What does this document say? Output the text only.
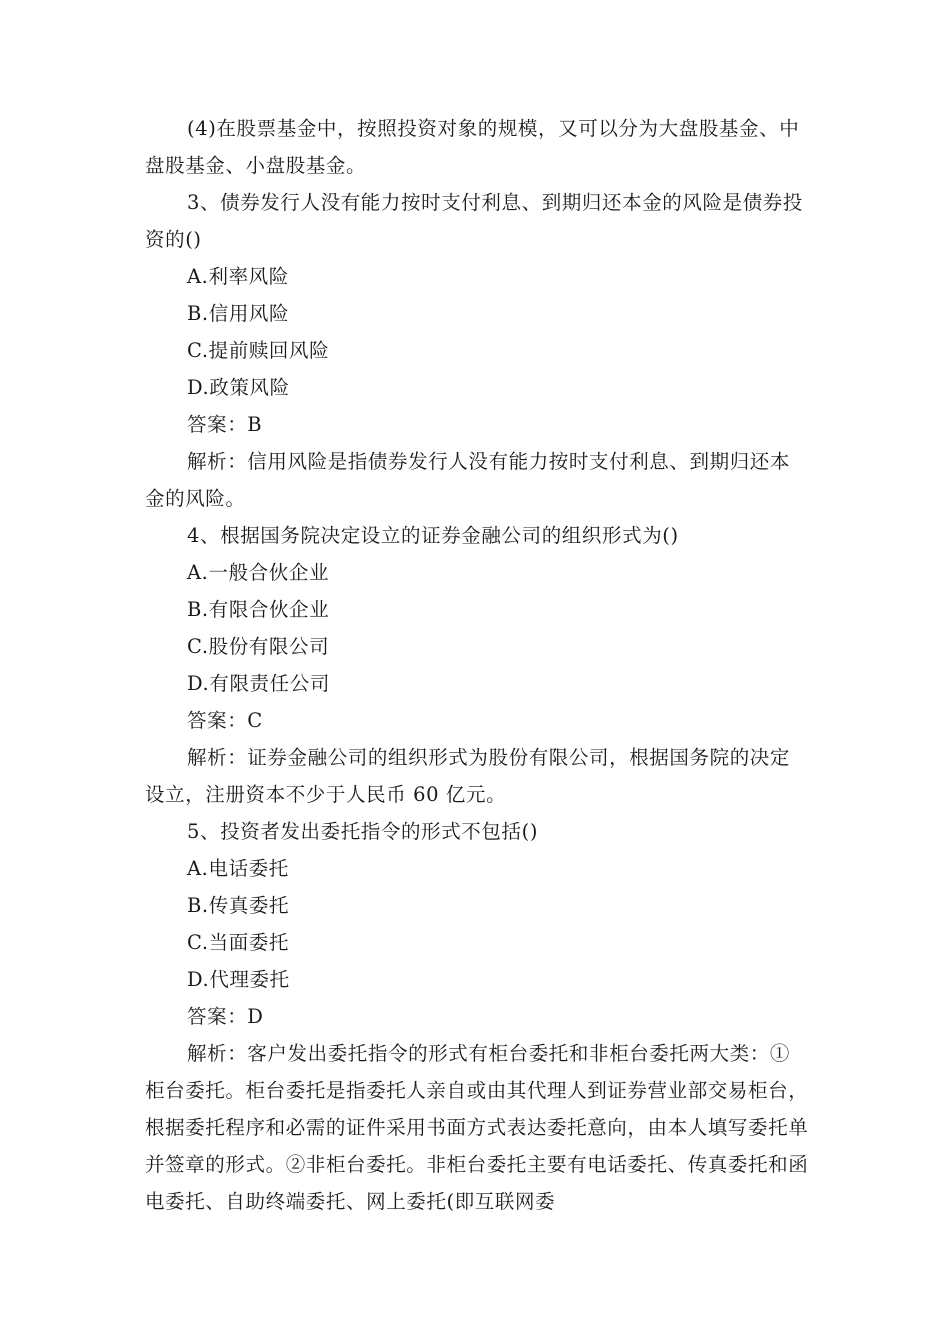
(4)在股票基金中，按照投资对象的规模，又可以分为大盘股基金、中盘股基金、小盘股基金。

3、债券发行人没有能力按时支付利息、到期归还本金的风险是债券投资的()

A.利率风险

B.信用风险

C.提前赎回风险

D.政策风险

答案：B

解析：信用风险是指债券发行人没有能力按时支付利息、到期归还本金的风险。

4、根据国务院决定设立的证券金融公司的组织形式为()

A.一般合伙企业

B.有限合伙企业

C.股份有限公司

D.有限责任公司

答案：C

解析：证券金融公司的组织形式为股份有限公司，根据国务院的决定设立，注册资本不少于人民币 60 亿元。

5、投资者发出委托指令的形式不包括()

A.电话委托

B.传真委托

C.当面委托

D.代理委托

答案：D

解析：客户发出委托指令的形式有柜台委托和非柜台委托两大类：①柜台委托。柜台委托是指委托人亲自或由其代理人到证券营业部交易柜台，根据委托程序和必需的证件采用书面方式表达委托意向，由本人填写委托单并签章的形式。②非柜台委托。非柜台委托主要有电话委托、传真委托和函电委托、自助终端委托、网上委托(即互联网委
